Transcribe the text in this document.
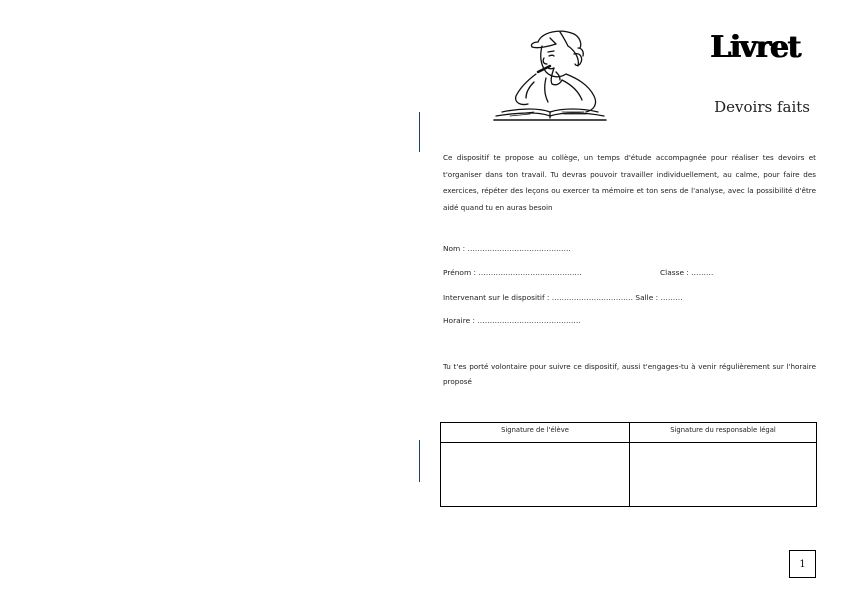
Livret
Devoirs faits
Ce dispositif te propose au collège, un temps d'étude accompagnée pour réaliser tes devoirs et t'organiser dans ton travail. Tu devras pouvoir travailler individuellement, au calme, pour faire des exercices, répéter des leçons ou exercer ta mémoire et ton sens de l'analyse, avec la possibilité d'être aidé quand tu en auras besoin
Nom : ……………………………………
Prénom : ……………………………………	Classe : ………
Intervenant sur le dispositif : …………………………… Salle : ………
Horaire : ……………………………………
Tu t'es porté volontaire pour suivre ce dispositif, aussi t'engages-tu à venir régulièrement sur l'horaire proposé
Signature de l'élève	Signature du responsable légal
1
